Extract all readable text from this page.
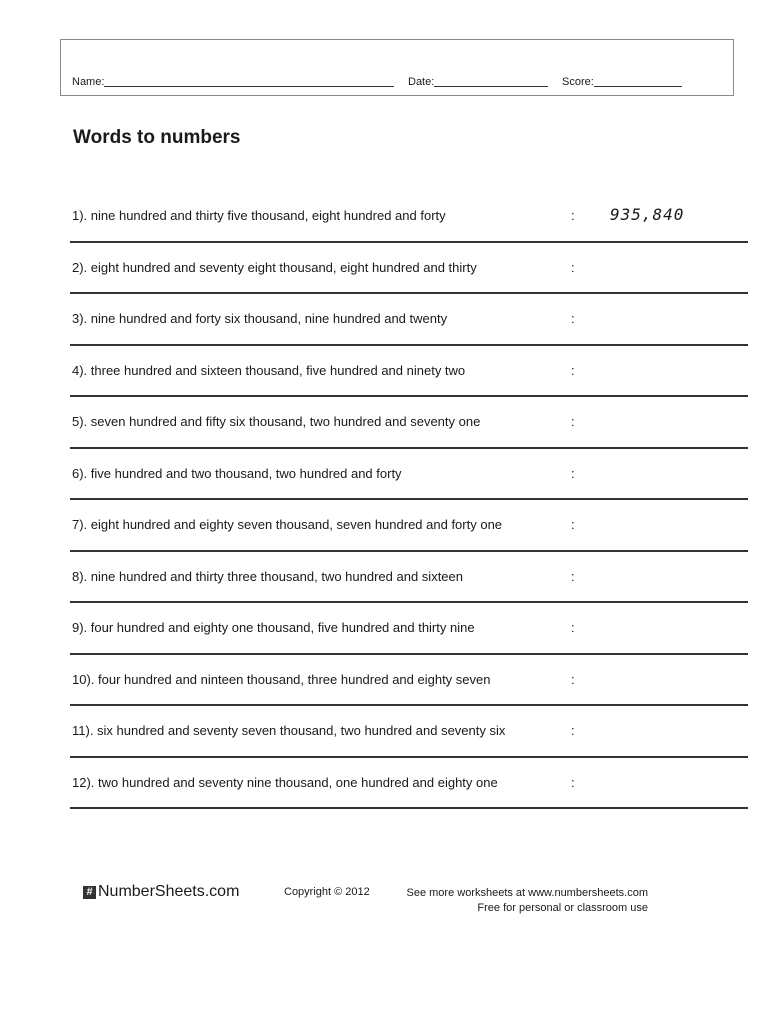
Name:	Date:	Score:
Words to numbers
1). nine hundred and thirty five thousand, eight hundred and forty	: 935,840
2). eight hundred and seventy eight thousand, eight hundred and thirty	:
3). nine hundred and forty six thousand, nine hundred and twenty	:
4). three hundred and sixteen thousand, five hundred and ninety two	:
5). seven hundred and fifty six thousand, two hundred and seventy one	:
6). five hundred and two thousand, two hundred and forty	:
7). eight hundred and eighty seven thousand, seven hundred and forty one	:
8). nine hundred and thirty three thousand, two hundred and sixteen	:
9). four hundred and eighty one thousand, five hundred and thirty nine	:
10). four hundred and ninteen thousand, three hundred and eighty seven	:
11). six hundred and seventy seven thousand, two hundred and seventy six	:
12). two hundred and seventy nine thousand, one hundred and eighty one	:
# NumberSheets.com	Copyright © 2012	See more worksheets at www.numbersheets.com
Free for personal or classroom use
